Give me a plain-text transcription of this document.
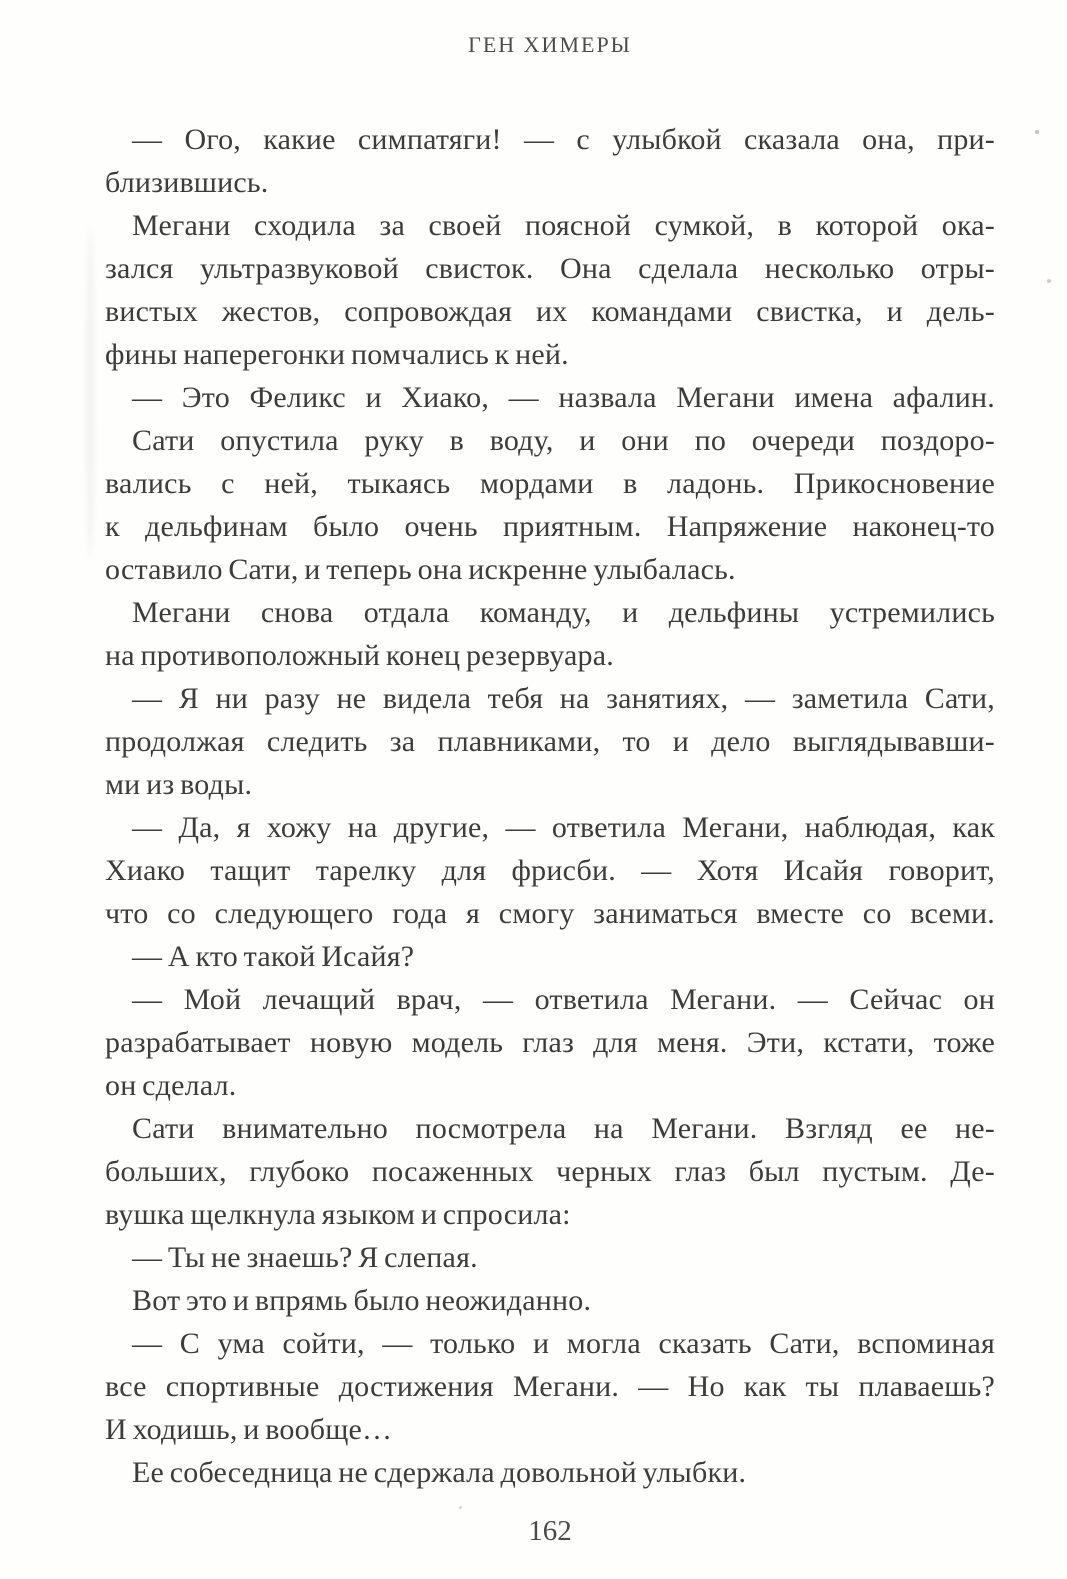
ГЕН ХИМЕРЫ
— Ого, какие симпатяги! — с улыбкой сказала она, при-
близившись.
Мегани сходила за своей поясной сумкой, в которой ока-
зался ультразвуковой свисток. Она сделала несколько отры-
вистых жестов, сопровождая их командами свистка, и дель-
фины наперегонки помчались к ней.
— Это Феликс и Хиако, — назвала Мегани имена афалин.
Сати опустила руку в воду, и они по очереди поздоро-
вались с ней, тыкаясь мордами в ладонь. Прикосновение
к дельфинам было очень приятным. Напряжение наконец-то
оставило Сати, и теперь она искренне улыбалась.
Мегани снова отдала команду, и дельфины устремились
на противоположный конец резервуара.
— Я ни разу не видела тебя на занятиях, — заметила Сати,
продолжая следить за плавниками, то и дело выглядывавши-
ми из воды.
— Да, я хожу на другие, — ответила Мегани, наблюдая, как
Хиако тащит тарелку для фрисби. — Хотя Исайя говорит,
что со следующего года я смогу заниматься вместе со всеми.
— А кто такой Исайя?
— Мой лечащий врач, — ответила Мегани. — Сейчас он
разрабатывает новую модель глаз для меня. Эти, кстати, тоже
он сделал.
Сати внимательно посмотрела на Мегани. Взгляд ее не-
больших, глубоко посаженных черных глаз был пустым. Де-
вушка щелкнула языком и спросила:
— Ты не знаешь? Я слепая.
Вот это и впрямь было неожиданно.
— С ума сойти, — только и могла сказать Сати, вспоминая
все спортивные достижения Мегани. — Но как ты плаваешь?
И ходишь, и вообще…
Ее собеседница не сдержала довольной улыбки.
162
